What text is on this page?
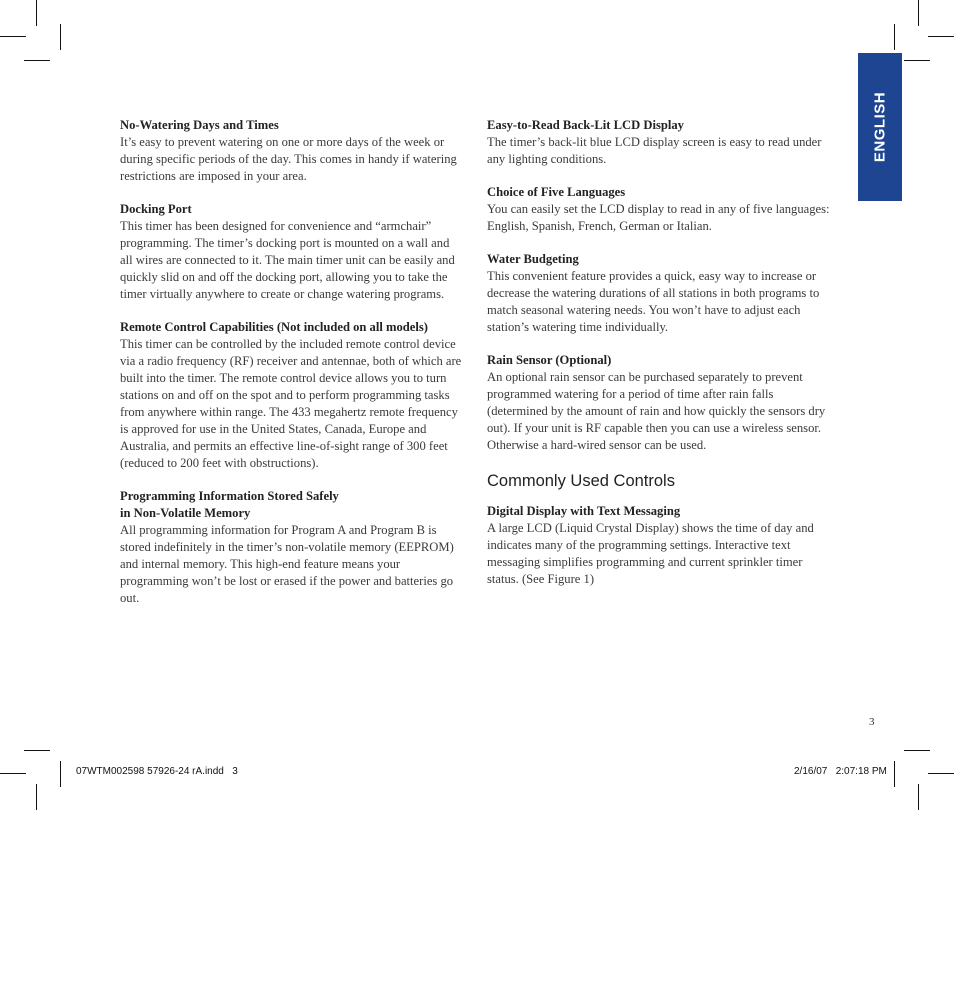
ENGLISH
No-Watering Days and Times

It’s easy to prevent watering on one or more days of the week or during specific periods of the day. This comes in handy if watering restrictions are imposed in your area.

Docking Port

This timer has been designed for convenience and “armchair” programming. The timer’s docking port is mounted on a wall and all wires are connected to it. The main timer unit can be easily and quickly slid on and off the docking port, allowing you to take the timer virtually anywhere to create or change watering programs.

Remote Control Capabilities (Not included on all models)

This timer can be controlled by the included remote control device via a radio frequency (RF) receiver and antennae, both of which are built into the timer. The remote control device allows you to turn stations on and off on the spot and to perform programming tasks from anywhere within range. The 433 megahertz remote frequency is approved for use in the United States, Canada, Europe and Australia, and permits an effective line-of-sight range of 300 feet (reduced to 200 feet with obstructions).

Programming Information Stored Safely
in Non-Volatile Memory

All programming information for Program A and Program B is stored indefinitely in the timer’s non-volatile memory (EEPROM) and internal memory. This high-end feature means your programming won’t be lost or erased if the power and batteries go out.

Easy-to-Read Back-Lit LCD Display

The timer’s back-lit blue LCD display screen is easy to read under any lighting conditions.

Choice of Five Languages

You can easily set the LCD display to read in any of five languages: English, Spanish, French, German or Italian.

Water Budgeting

This convenient feature provides a quick, easy way to increase or decrease the watering durations of all stations in both programs to match seasonal watering needs. You won’t have to adjust each station’s watering time individually.

Rain Sensor (Optional)

An optional rain sensor can be purchased separately to prevent programmed watering for a period of time after rain falls (determined by the amount of rain and how quickly the sensors dry out). If your unit is RF capable then you can use a wireless sensor. Otherwise a hard-wired sensor can be used.

Commonly Used Controls
Digital Display with Text Messaging

A large LCD (Liquid Crystal Display) shows the time of day and indicates many of the programming settings. Interactive text messaging simplifies programming and current sprinkler timer status. (See Figure 1)

3
07WTM002598 57926-24 rA.indd   3	2/16/07   2:07:18 PM
